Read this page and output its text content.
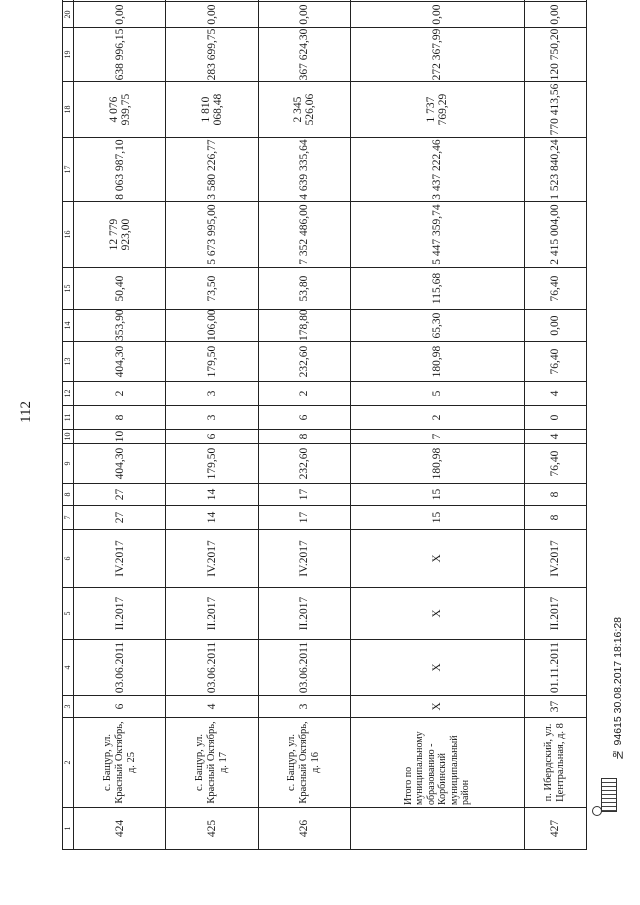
112
1	2	3	4	5	6	7	8	9	10	11	12	13	14	15	16	17	18	19	20	
424	с. Бащур, ул. Красный Октябрь, д. 25	6	03.06.2011	II.2017	IV.2017	27	27	404,30	10	8	2	404,30	353,90	50,40	12 779 923,00	8 063 987,10	4 076 939,75	638 996,15	0,00	
425	с. Бащур, ул. Красный Октябрь, д. 17	4	03.06.2011	II.2017	IV.2017	14	14	179,50	6	3	3	179,50	106,00	73,50	5 673 995,00	3 580 226,77	1 810 068,48	283 699,75	0,00	
426	с. Бащур, ул. Красный Октябрь, д. 16	3	03.06.2011	II.2017	IV.2017	17	17	232,60	8	6	2	232,60	178,80	53,80	7 352 486,00	4 639 335,64	2 345 526,06	367 624,30	0,00	
	Итого по муниципальному образованию - Корбинский муниципальный район	X	X	X	X	15	15	180,98	7	2	5	180,98	65,30	115,68	5 447 359,74	3 437 222,46	1 737 769,29	272 367,99	0,00	
427	п. Ибердский, ул. Центральная, д. 8	37	01.11.2011	II.2017	IV.2017	8	8	76,40	4	0	4	76,40	0,00	76,40	2 415 004,00	1 523 840,24	770 413,56	120 750,20	0,00	
№ 94615 30.08.2017 18:16:28
